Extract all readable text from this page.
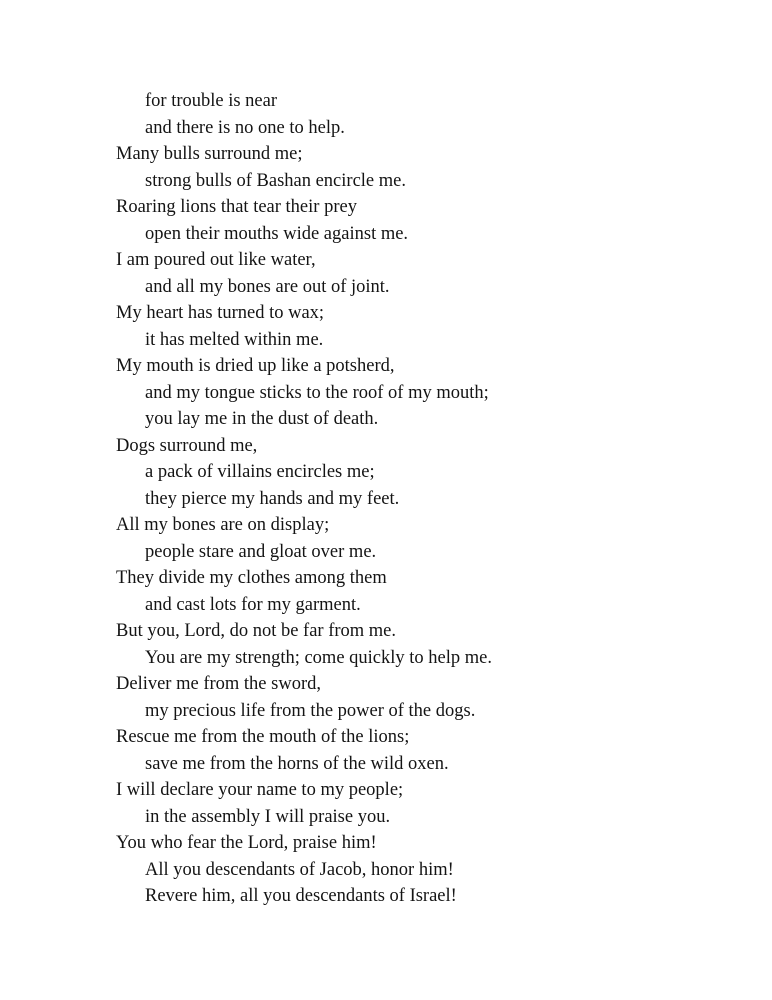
for trouble is near
and there is no one to help.
Many bulls surround me;
strong bulls of Bashan encircle me.
Roaring lions that tear their prey
open their mouths wide against me.
I am poured out like water,
and all my bones are out of joint.
My heart has turned to wax;
it has melted within me.
My mouth is dried up like a potsherd,
and my tongue sticks to the roof of my mouth;
you lay me in the dust of death.
Dogs surround me,
a pack of villains encircles me;
they pierce my hands and my feet.
All my bones are on display;
people stare and gloat over me.
They divide my clothes among them
and cast lots for my garment.
But you, Lord, do not be far from me.
You are my strength; come quickly to help me.
Deliver me from the sword,
my precious life from the power of the dogs.
Rescue me from the mouth of the lions;
save me from the horns of the wild oxen.
I will declare your name to my people;
in the assembly I will praise you.
You who fear the Lord, praise him!
All you descendants of Jacob, honor him!
Revere him, all you descendants of Israel!
